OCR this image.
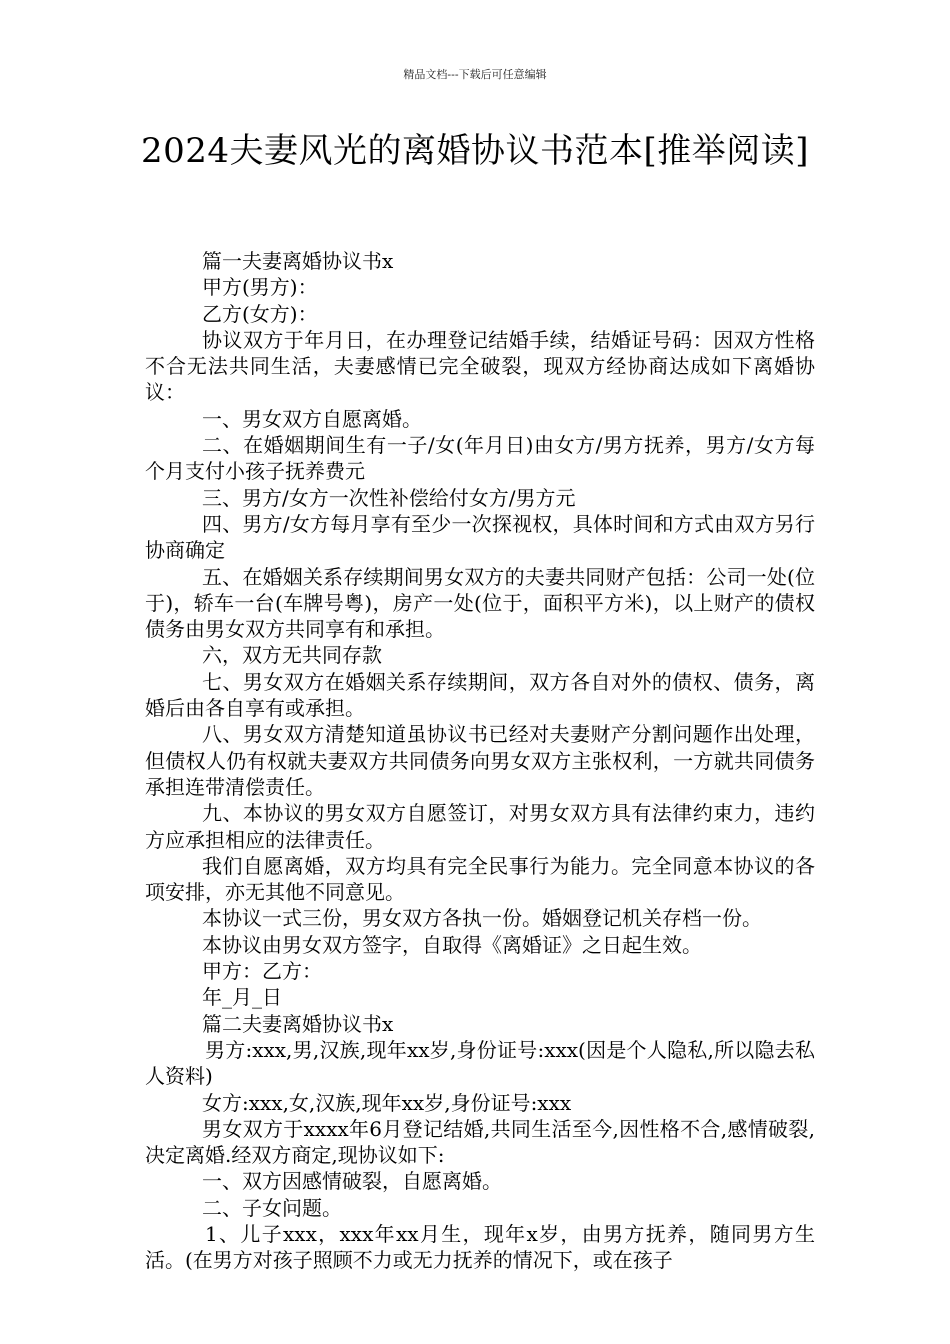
精品文档---下载后可任意编辑
2024夫妻风光的离婚协议书范本[推举阅读]

篇一夫妻离婚协议书x

甲方(男方)：

乙方(女方)：

协议双方于年月日，在办理登记结婚手续，结婚证号码：因双方性格不合无法共同生活，夫妻感情已完全破裂，现双方经协商达成如下离婚协议：

一、男女双方自愿离婚。

二、在婚姻期间生有一子/女(年月日)由女方/男方抚养，男方/女方每个月支付小孩子抚养费元

三、男方/女方一次性补偿给付女方/男方元

四、男方/女方每月享有至少一次探视权，具体时间和方式由双方另行协商确定

五、在婚姻关系存续期间男女双方的夫妻共同财产包括：公司一处(位于)，轿车一台(车牌号粤)，房产一处(位于，面积平方米)，以上财产的债权债务由男女双方共同享有和承担。

六，双方无共同存款

七、男女双方在婚姻关系存续期间，双方各自对外的债权、债务，离婚后由各自享有或承担。

八、男女双方清楚知道虽协议书已经对夫妻财产分割问题作出处理，但债权人仍有权就夫妻双方共同债务向男女双方主张权利，一方就共同债务承担连带清偿责任。

九、本协议的男女双方自愿签订，对男女双方具有法律约束力，违约方应承担相应的法律责任。

我们自愿离婚，双方均具有完全民事行为能力。完全同意本协议的各项安排，亦无其他不同意见。

本协议一式三份，男女双方各执一份。婚姻登记机关存档一份。

本协议由男女双方签字，自取得《离婚证》之日起生效。

甲方：乙方：

年_月_日

篇二夫妻离婚协议书x

男方:xxx,男,汉族,现年xx岁,身份证号:xxx(因是个人隐私,所以隐去私人资料)

女方:xxx,女,汉族,现年xx岁,身份证号:xxx

男女双方于xxxx年6月登记结婚,共同生活至今,因性格不合,感情破裂,决定离婚.经双方商定,现协议如下:

一、双方因感情破裂，自愿离婚。

二、子女问题。

1、儿子xxx，xxx年xx月生，现年x岁，由男方抚养，随同男方生活。(在男方对孩子照顾不力或无力抚养的情况下，或在孩子
